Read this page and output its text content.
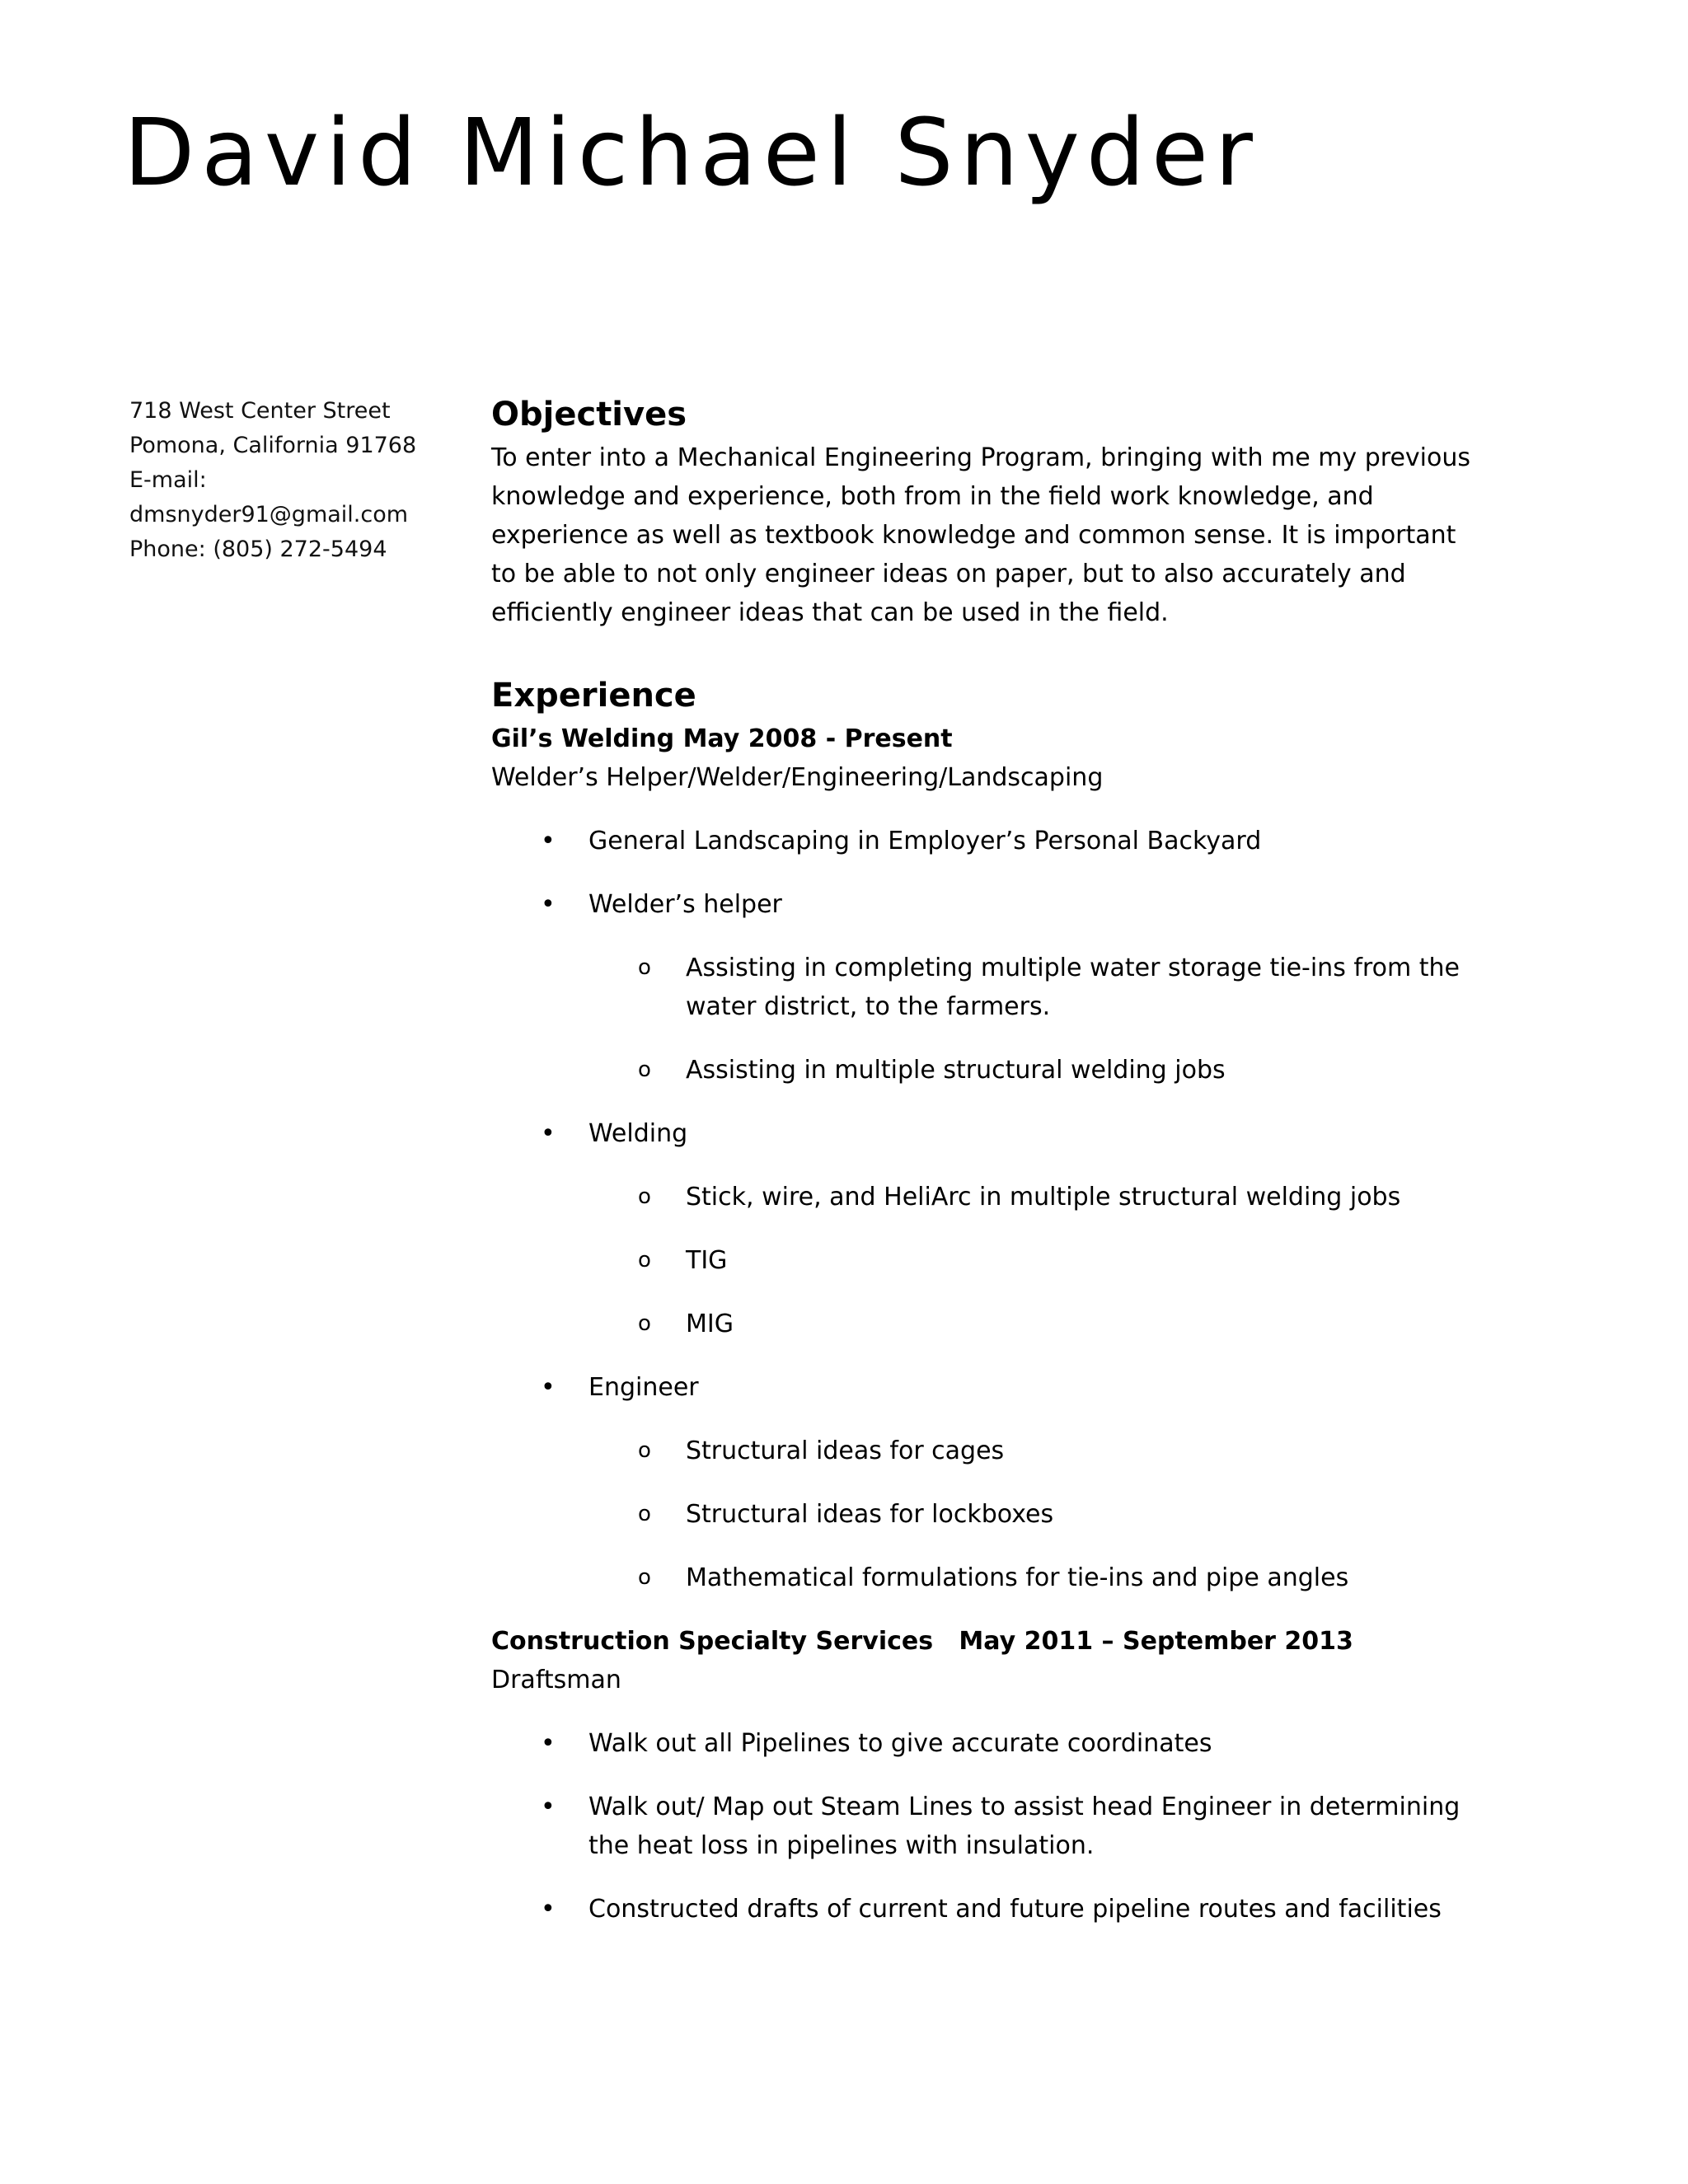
David Michael Snyder
718 West Center Street
Pomona, California 91768
E-mail:
dmsnyder91@gmail.com
Phone: (805) 272-5494
Objectives

To enter into a Mechanical Engineering Program, bringing with me my previous knowledge and experience, both from in the field work knowledge, and experience as well as textbook knowledge and common sense. It is important to be able to not only engineer ideas on paper, but to also accurately and efficiently engineer ideas that can be used in the field.

Experience
Gil’s Welding May 2008 - Present
Welder’s Helper/Welder/Engineering/Landscaping
• General Landscaping in Employer’s Personal Backyard
• Welder’s helper
o Assisting in completing multiple water storage tie-ins from the water district, to the farmers.
o Assisting in multiple structural welding jobs
• Welding
o Stick, wire, and HeliArc in multiple structural welding jobs
o TIG
o MIG
• Engineer
o Structural ideas for cages
o Structural ideas for lockboxes
o Mathematical formulations for tie-ins and pipe angles
Construction Specialty Services   May 2011 – September 2013
Draftsman
• Walk out all Pipelines to give accurate coordinates
• Walk out/ Map out Steam Lines to assist head Engineer in determining the heat loss in pipelines with insulation.
• Constructed drafts of current and future pipeline routes and facilities
